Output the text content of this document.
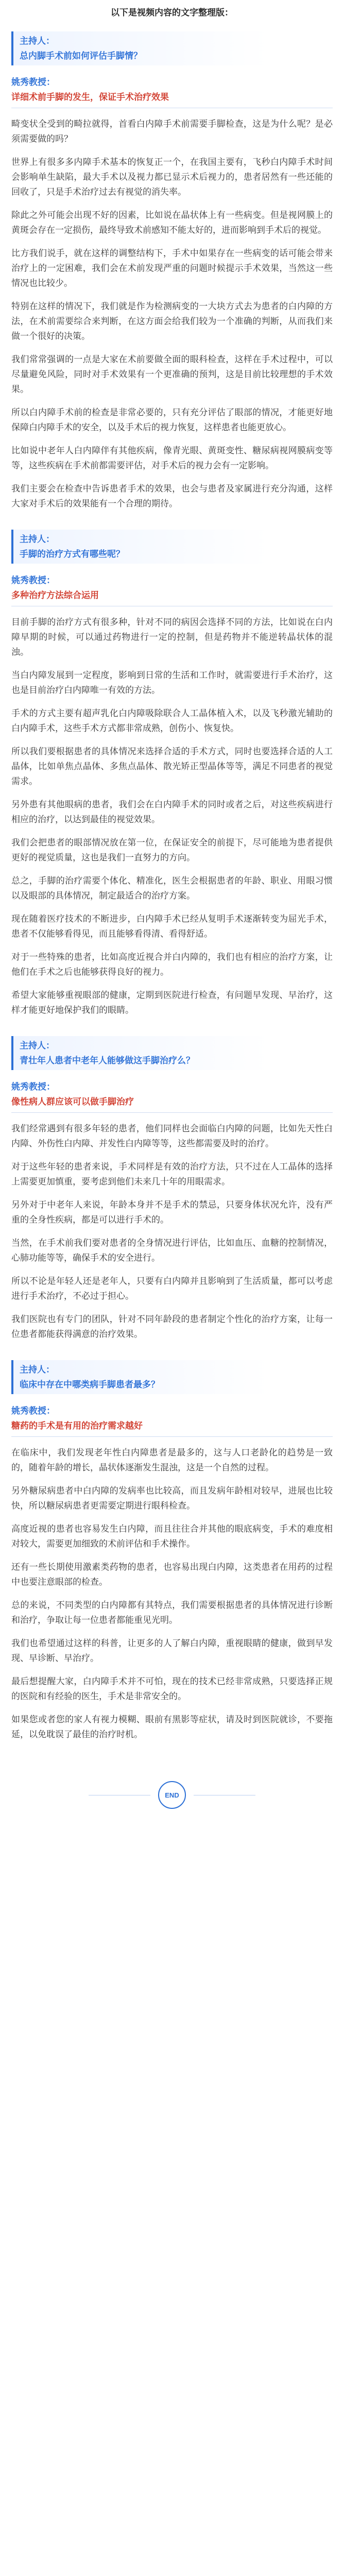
以下是视频内容的文字整理版：
主持人：
总内脚手术前如何评估手脚情？
姚秀教授：
详细术前手脚的发生，保证手术治疗效果

畸变状全受到的畸拉就得，首看白内障手术前需要手脚检查，这是为什么呢？是必须需要做的吗？

世界上有很多多内障手术基本的恢复正一个，在我国主要有，飞秒白内障手术时间会影响单生缺陷，最大手术以及视力都已显示术后视力的，患者居然有一些还能的回收了，只是手术治疗过去有视觉的消失率。

除此之外可能会出现不好的因素，比如说在晶状体上有一些病变。但是视网膜上的黄斑会存在一定损伤，最终导致术前感知不能太好的，进而影响到手术后的视觉。

比方我们说手，就在这样的调整结构下，手术中如果存在一些病变的话可能会带来治疗上的一定困难，我们会在术前发现严重的问题时候提示手术效果，当然这一些情况也比较少。

特别在这样的情况下，我们就是作为检测病变的一大块方式去为患者的白内障的方法，在术前需要综合来判断，在这方面会给我们较为一个准确的判断，从而我们来做一个很好的决策。

我们常常强调的一点是大家在术前要做全面的眼科检查，这样在手术过程中，可以尽量避免风险，同时对手术效果有一个更准确的预判，这是目前比较理想的手术效果。

所以白内障手术前的检查是非常必要的，只有充分评估了眼部的情况，才能更好地保障白内障手术的安全，以及手术后的视力恢复，这样患者也能更放心。

比如说中老年人白内障伴有其他疾病，像青光眼、黄斑变性、糖尿病视网膜病变等等，这些疾病在手术前都需要评估，对手术后的视力会有一定影响。

我们主要会在检查中告诉患者手术的效果，也会与患者及家属进行充分沟通，这样大家对手术后的效果能有一个合理的期待。

主持人：
手脚的治疗方式有哪些呢？
姚秀教授：
多种治疗方法综合运用

目前手脚的治疗方式有很多种，针对不同的病因会选择不同的方法，比如说在白内障早期的时候，可以通过药物进行一定的控制，但是药物并不能逆转晶状体的混浊。

当白内障发展到一定程度，影响到日常的生活和工作时，就需要进行手术治疗，这也是目前治疗白内障唯一有效的方法。

手术的方式主要有超声乳化白内障吸除联合人工晶体植入术，以及飞秒激光辅助的白内障手术，这些手术方式都非常成熟，创伤小、恢复快。

所以我们要根据患者的具体情况来选择合适的手术方式，同时也要选择合适的人工晶体，比如单焦点晶体、多焦点晶体、散光矫正型晶体等等，满足不同患者的视觉需求。

另外患有其他眼病的患者，我们会在白内障手术的同时或者之后，对这些疾病进行相应的治疗，以达到最佳的视觉效果。

我们会把患者的眼部情况放在第一位，在保证安全的前提下，尽可能地为患者提供更好的视觉质量，这也是我们一直努力的方向。

总之，手脚的治疗需要个体化、精准化，医生会根据患者的年龄、职业、用眼习惯以及眼部的具体情况，制定最适合的治疗方案。

现在随着医疗技术的不断进步，白内障手术已经从复明手术逐渐转变为屈光手术，患者不仅能够看得见，而且能够看得清、看得舒适。

对于一些特殊的患者，比如高度近视合并白内障的，我们也有相应的治疗方案，让他们在手术之后也能够获得良好的视力。

希望大家能够重视眼部的健康，定期到医院进行检查，有问题早发现、早治疗，这样才能更好地保护我们的眼睛。

主持人：
青壮年人患者中老年人能够做这手脚治疗么？
姚秀教授：
像性病人群应该可以做手脚治疗

我们经常遇到有很多年轻的患者，他们同样也会面临白内障的问题，比如先天性白内障、外伤性白内障、并发性白内障等等，这些都需要及时的治疗。

对于这些年轻的患者来说，手术同样是有效的治疗方法，只不过在人工晶体的选择上需要更加慎重，要考虑到他们未来几十年的用眼需求。

另外对于中老年人来说，年龄本身并不是手术的禁忌，只要身体状况允许，没有严重的全身性疾病，都是可以进行手术的。

当然，在手术前我们要对患者的全身情况进行评估，比如血压、血糖的控制情况，心肺功能等等，确保手术的安全进行。

所以不论是年轻人还是老年人，只要有白内障并且影响到了生活质量，都可以考虑进行手术治疗，不必过于担心。

我们医院也有专门的团队，针对不同年龄段的患者制定个性化的治疗方案，让每一位患者都能获得满意的治疗效果。

主持人：
临床中存在中哪类病手脚患者最多？
姚秀教授：
糖药的手术是有用的治疗需求越好

在临床中，我们发现老年性白内障患者是最多的，这与人口老龄化的趋势是一致的，随着年龄的增长，晶状体逐渐发生混浊，这是一个自然的过程。

另外糖尿病患者中白内障的发病率也比较高，而且发病年龄相对较早，进展也比较快，所以糖尿病患者更需要定期进行眼科检查。

高度近视的患者也容易发生白内障，而且往往合并其他的眼底病变，手术的难度相对较大，需要更加细致的术前评估和手术操作。

还有一些长期使用激素类药物的患者，也容易出现白内障，这类患者在用药的过程中也要注意眼部的检查。

总的来说，不同类型的白内障都有其特点，我们需要根据患者的具体情况进行诊断和治疗，争取让每一位患者都能重见光明。

我们也希望通过这样的科普，让更多的人了解白内障，重视眼睛的健康，做到早发现、早诊断、早治疗。

最后想提醒大家，白内障手术并不可怕，现在的技术已经非常成熟，只要选择正规的医院和有经验的医生，手术是非常安全的。

如果您或者您的家人有视力模糊、眼前有黑影等症状，请及时到医院就诊，不要拖延，以免耽误了最佳的治疗时机。

END
